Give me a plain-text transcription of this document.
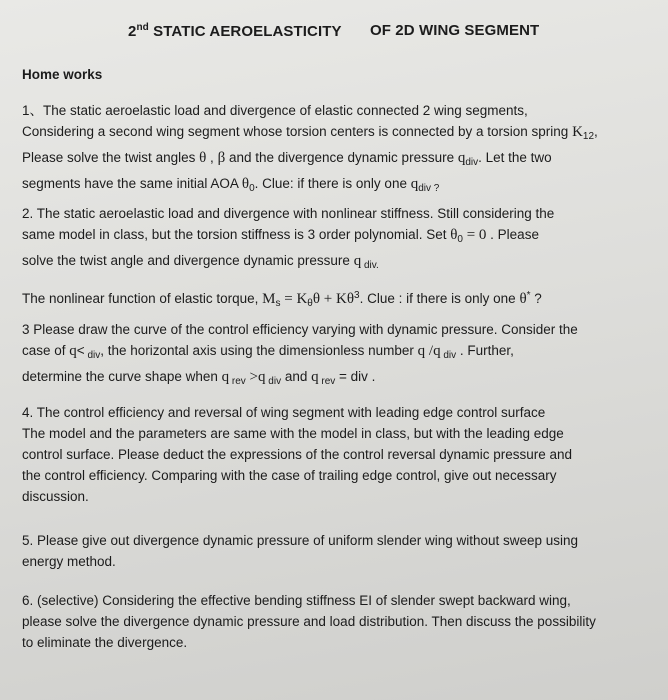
2nd STATIC AEROELASTICITY OF 2D WING SEGMENT
Home works
1、The static aeroelastic load and divergence of elastic connected 2 wing segments,
Considering a second wing segment whose torsion centers is connected by a torsion spring $K_{12}$,
Please solve the twist angles θ , β and the divergence dynamic pressure $q_{div}$. Let the two
segments have the same initial AOA $\theta_0$. Clue: if there is only one $q_{div ?}$
2. The static aeroelastic load and divergence with nonlinear stiffness. Still considering the
same model in class, but the torsion stiffness is 3 order polynomial. Set $\theta_0 = 0$ . Please
solve the twist angle and divergence dynamic pressure q $_{div.}$
The nonlinear function of elastic torque, $M_s = K_\theta\theta + K\theta^3$. Clue : if there is only one θ* ?
3 Please draw the curve of the control efficiency varying with dynamic pressure. Consider the
case of q< $_{div}$, the horizontal axis using the dimensionless number q /q $_{div}$ . Further,
determine the curve shape when q $_{rev}$ >q $_{div}$ and q $_{rev}$ = div .
4. The control efficiency and reversal of wing segment with leading edge control surface
The model and the parameters are same with the model in class, but with the leading edge
control surface. Please deduct the expressions of the control reversal dynamic pressure and
the control efficiency. Comparing with the case of trailing edge control, give out necessary
discussion.
5. Please give out divergence dynamic pressure of uniform slender wing without sweep using
energy method.
6. (selective) Considering the effective bending stiffness EI of slender swept backward wing,
please solve the divergence dynamic pressure and load distribution. Then discuss the possibility
to eliminate the divergence.
